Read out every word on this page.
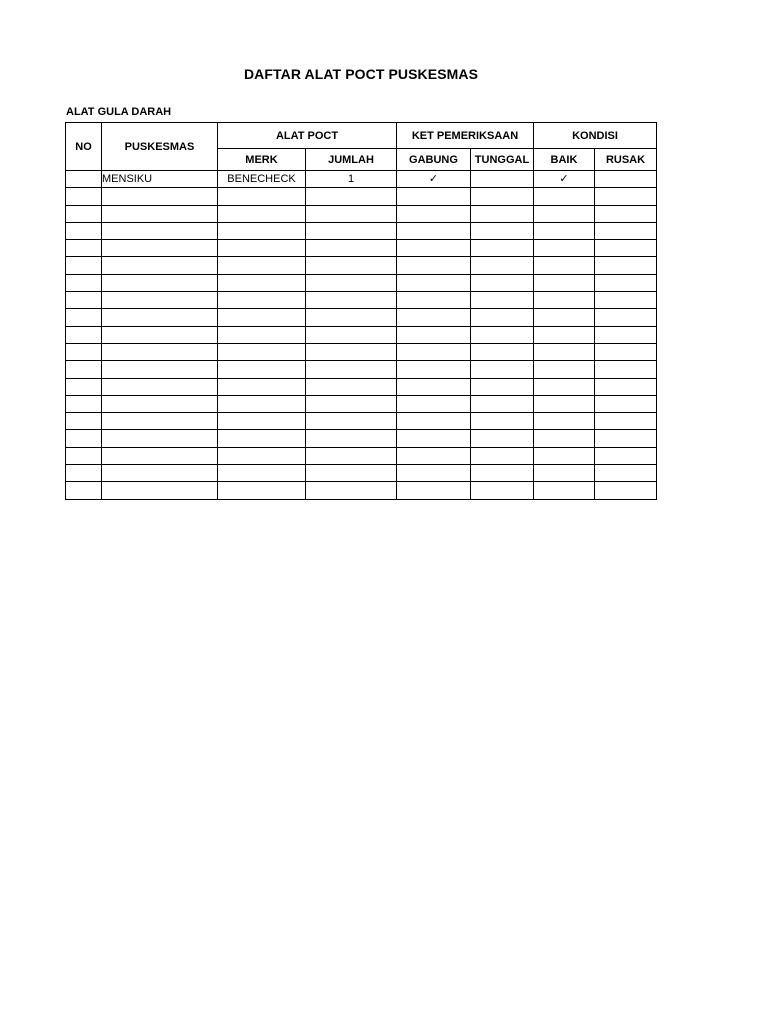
DAFTAR ALAT POCT PUSKESMAS
ALAT GULA DARAH
NO	PUSKESMAS	ALAT POCT		KET PEMERIKSAAN		KONDISI	
		MERK	JUMLAH	GABUNG	TUNGGAL	BAIK	RUSAK
	MENSIKU	BENECHECK	1	✓		✓	
